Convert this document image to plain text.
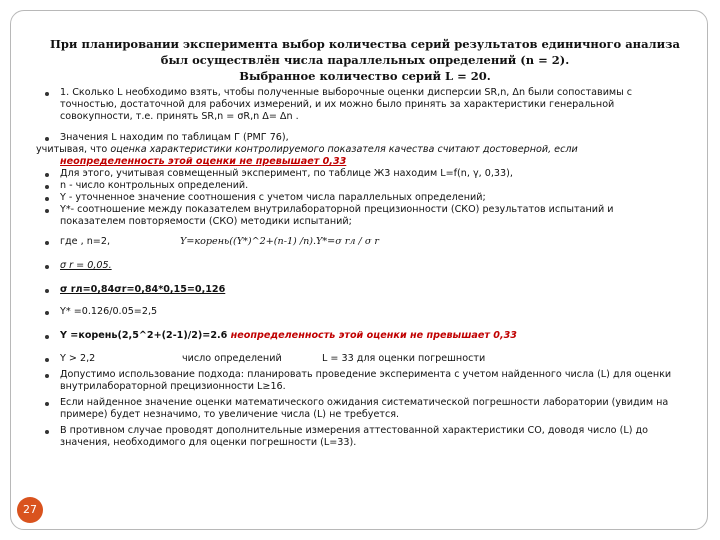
При планировании эксперимента выбор количества серий результатов единичного анализа
был осуществлён числа параллельных определений (n = 2).
Выбранное количество серий L = 20.
1. Сколько L необходимо взять, чтобы полученные выборочные оценки дисперсии SR,n, Δn были сопоставимы с точностью, достаточной для рабочих измерений, и их можно было принять за характеристики генеральной совокупности, т.е. принять SR,n = σR,n Δ= Δn .
Значения L находим по таблицам Г (РМГ 76),
учитывая, что оценка характеристики контролируемого показателя качества считают достоверной, если
неопределенность этой оценки не превышает 0,33
Для этого, учитывая совмещенный эксперимент, по таблице Ж3 находим L=f(n, γ, 0,33),
n - число контрольных определений.
Y - уточненное значение соотношения с учетом числа параллельных определений;
Y*- соотношение между показателем внутрилабораторной прецизионности (СКО) результатов испытаний и показателем повторяемости (СКО) методики испытаний;
где , n=2,	Y=корень((Y*)^2+(n-1) /n).Y*=σ rл / σ r
σ r = 0,05.
σ rл=0,84σr=0,84*0,15=0,126
Y* =0.126/0.05=2,5
Y =корень(2,5^2+(2-1)/2)=2.6 неопределенность этой оценки не превышает 0,33
Y > 2,2	число определений	L = 33 для оценки погрешности
Допустимо использование подхода: планировать проведение эксперимента с учетом найденного числа (L) для оценки внутрилабораторной прецизионности L≥16.
Если найденное значение оценки математического ожидания систематической погрешности лаборатории (увидим на примере) будет незначимо, то увеличение числа (L) не требуется.
В противном случае проводят дополнительные измерения аттестованной характеристики СО, доводя число (L) до значения, необходимого для оценки погрешности (L=33).
27
